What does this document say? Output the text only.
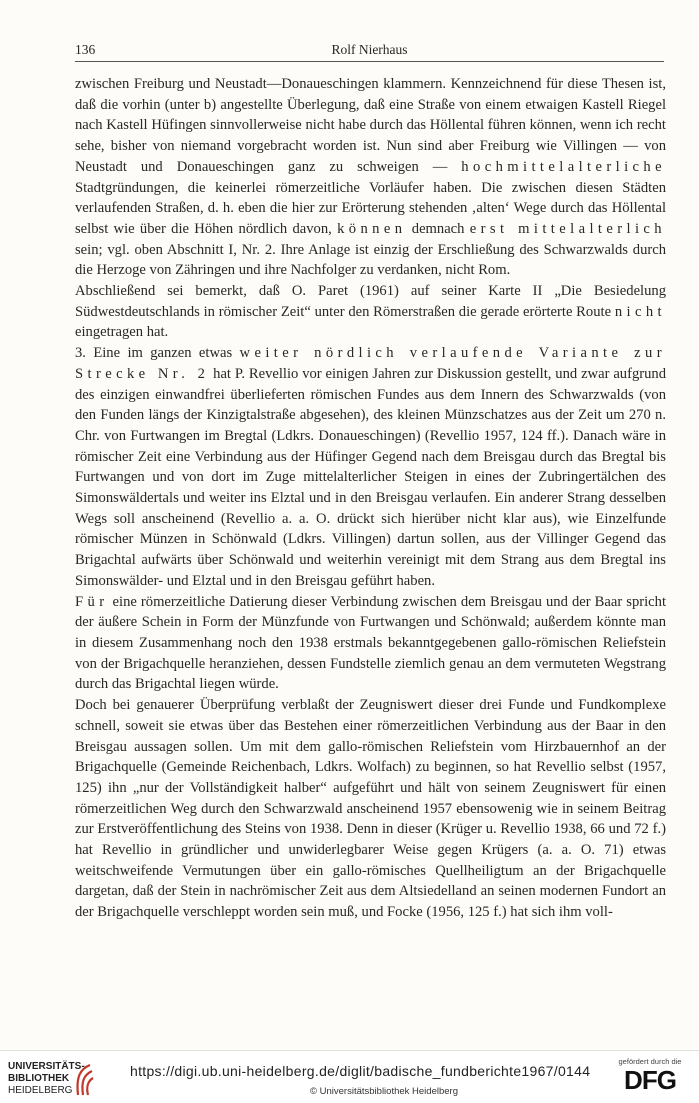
136	Rolf Nierhaus

zwischen Freiburg und Neustadt—Donaueschingen klammern. Kennzeichnend für diese Thesen ist, daß die vorhin (unter b) angestellte Überlegung, daß eine Straße von einem etwaigen Kastell Riegel nach Kastell Hüfingen sinnvollerweise nicht habe durch das Höllental führen können, wenn ich recht sehe, bisher von niemand vorgebracht worden ist. Nun sind aber Freiburg wie Villingen — von Neustadt und Donaueschingen ganz zu schweigen — hochmittelalterliche Stadtgründungen, die keinerlei römerzeitliche Vorläufer haben. Die zwischen diesen Städten verlaufenden Straßen, d. h. eben die hier zur Erörterung stehenden ‚alten‘ Wege durch das Höllental selbst wie über die Höhen nördlich davon, können demnach erst mittelalterlich sein; vgl. oben Abschnitt I, Nr. 2. Ihre Anlage ist einzig der Erschließung des Schwarzwalds durch die Herzoge von Zähringen und ihre Nachfolger zu verdanken, nicht Rom.

Abschließend sei bemerkt, daß O. Paret (1961) auf seiner Karte II „Die Besiedelung Südwestdeutschlands in römischer Zeit“ unter den Römerstraßen die gerade erörterte Route nicht eingetragen hat.

3. Eine im ganzen etwas weiter nördlich verlaufende Variante zur Strecke Nr. 2 hat P. Revellio vor einigen Jahren zur Diskussion gestellt, und zwar aufgrund des einzigen einwandfrei überlieferten römischen Fundes aus dem Innern des Schwarzwalds (von den Funden längs der Kinzigtalstraße abgesehen), des kleinen Münzschatzes aus der Zeit um 270 n. Chr. von Furtwangen im Bregtal (Ldkrs. Donaueschingen) (Revellio 1957, 124 ff.). Danach wäre in römischer Zeit eine Verbindung aus der Hüfinger Gegend nach dem Breisgau durch das Bregtal bis Furtwangen und von dort im Zuge mittelalterlicher Steigen in eines der Zubringertälchen des Simonswäldertals und weiter ins Elztal und in den Breisgau verlaufen. Ein anderer Strang desselben Wegs soll anscheinend (Revellio a. a. O. drückt sich hierüber nicht klar aus), wie Einzelfunde römischer Münzen in Schönwald (Ldkrs. Villingen) dartun sollen, aus der Villinger Gegend das Brigachtal aufwärts über Schönwald und weiterhin vereinigt mit dem Strang aus dem Bregtal ins Simonswälder- und Elztal und in den Breisgau geführt haben.

Für eine römerzeitliche Datierung dieser Verbindung zwischen dem Breisgau und der Baar spricht der äußere Schein in Form der Münzfunde von Furtwangen und Schönwald; außerdem könnte man in diesem Zusammenhang noch den 1938 erstmals bekanntgegebenen gallo-römischen Reliefstein von der Brigachquelle heranziehen, dessen Fundstelle ziemlich genau an dem vermuteten Wegstrang durch das Brigachtal liegen würde.

Doch bei genauerer Überprüfung verblaßt der Zeugniswert dieser drei Funde und Fundkomplexe schnell, soweit sie etwas über das Bestehen einer römerzeitlichen Verbindung aus der Baar in den Breisgau aussagen sollen. Um mit dem gallo-römischen Reliefstein vom Hirzbauernhof an der Brigachquelle (Gemeinde Reichenbach, Ldkrs. Wolfach) zu beginnen, so hat Revellio selbst (1957, 125) ihn „nur der Vollständigkeit halber“ aufgeführt und hält von seinem Zeugniswert für einen römerzeitlichen Weg durch den Schwarzwald anscheinend 1957 ebensowenig wie in seinem Beitrag zur Erstveröffentlichung des Steins von 1938. Denn in dieser (Krüger u. Revellio 1938, 66 und 72 f.) hat Revellio in gründlicher und unwiderlegbarer Weise gegen Krügers (a. a. O. 71) etwas weitschweifende Vermutungen über ein gallo-römisches Quellheiligtum an der Brigachquelle dargetan, daß der Stein in nachrömischer Zeit aus dem Altsiedelland an seinen modernen Fundort an der Brigachquelle verschleppt worden sein muß, und Focke (1956, 125 f.) hat sich ihm voll-

UNIVERSITÄTS-
BIBLIOTHEK
HEIDELBERG
https://digi.ub.uni-heidelberg.de/diglit/badische_fundberichte1967/0144
© Universitätsbibliothek Heidelberg
gefördert durch die
DFG
